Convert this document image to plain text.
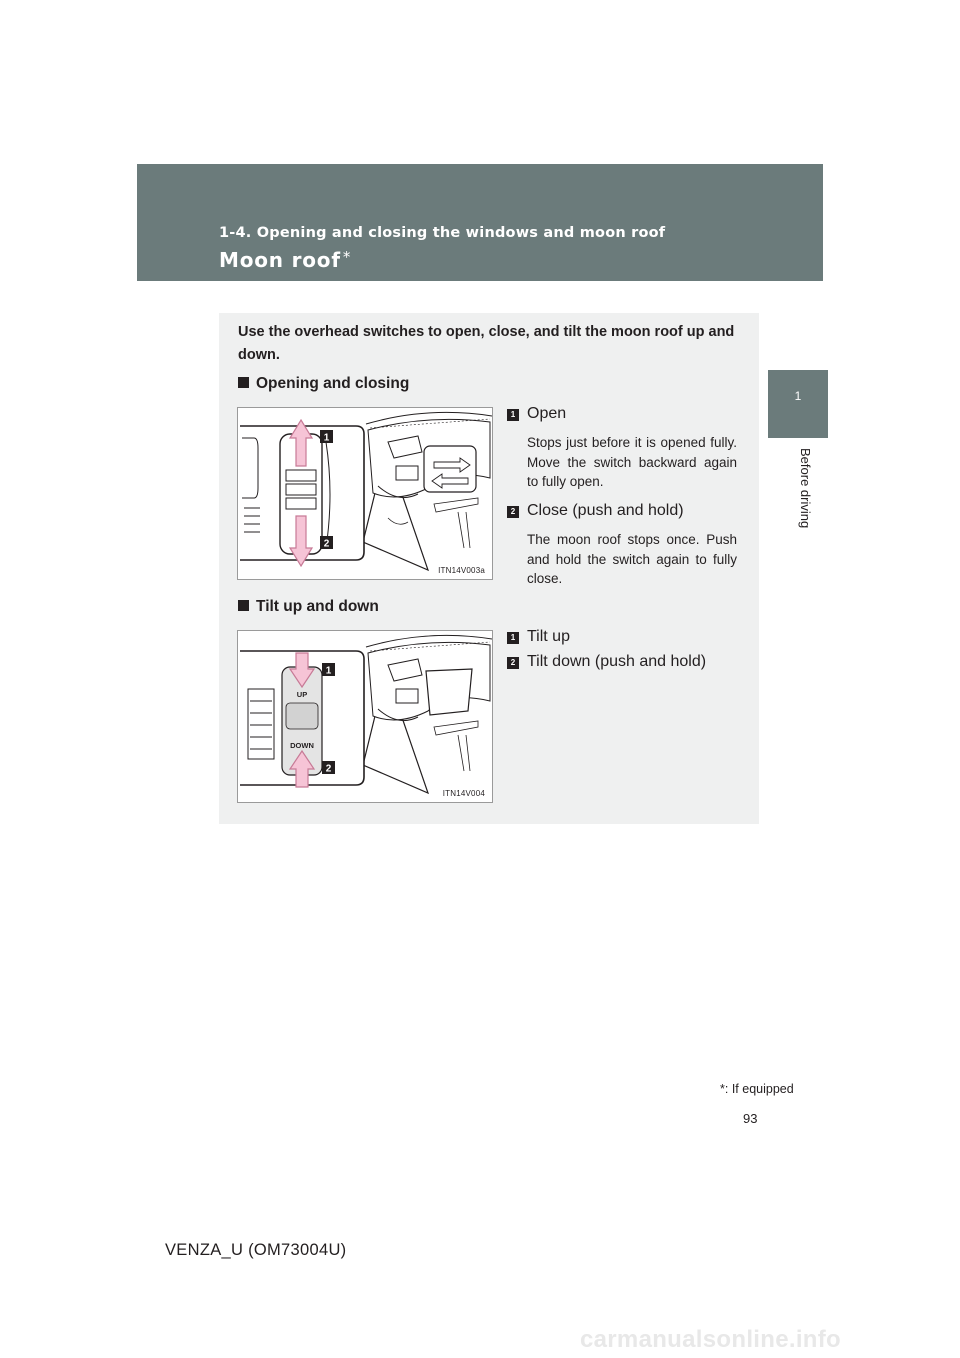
1-4. Opening and closing the windows and moon roof
Moon roof *
1
Before driving
Use the overhead switches to open, close, and tilt the moon roof up and down.
Opening and closing
1
2
ITN14V003a
1 Open
Stops just before it is opened fully. Move the switch backward again to fully open.
2 Close (push and hold)
The moon roof stops once. Push and hold the switch again to fully close.
Tilt up and down
UP
DOWN
1
2
ITN14V004
1 Tilt up
2 Tilt down (push and hold)
*: If equipped
93
VENZA_U (OM73004U)
carmanualsonline.info
